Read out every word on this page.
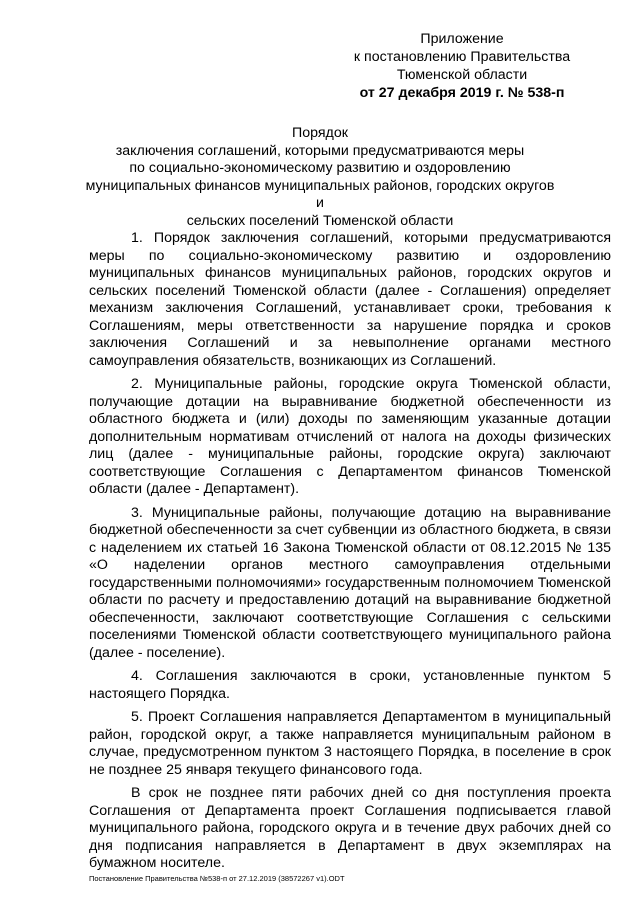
Приложение
к постановлению Правительства
Тюменской области
от 27 декабря 2019 г. № 538-п
Порядок
заключения соглашений, которыми предусматриваются меры
по социально-экономическому развитию и оздоровлению
муниципальных финансов муниципальных районов, городских округов и
сельских поселений Тюменской области

1. Порядок заключения соглашений, которыми предусматриваются меры по социально-экономическому развитию и оздоровлению муниципальных финансов муниципальных районов, городских округов и сельских поселений Тюменской области (далее - Соглашения) определяет механизм заключения Соглашений, устанавливает сроки, требования к Соглашениям, меры ответственности за нарушение порядка и сроков заключения Соглашений и за невыполнение органами местного самоуправления обязательств, возникающих из Соглашений.

2. Муниципальные районы, городские округа Тюменской области, получающие дотации на выравнивание бюджетной обеспеченности из областного бюджета и (или) доходы по заменяющим указанные дотации дополнительным нормативам отчислений от налога на доходы физических лиц (далее - муниципальные районы, городские округа) заключают соответствующие Соглашения с Департаментом финансов Тюменской области (далее - Департамент).

3. Муниципальные районы, получающие дотацию на выравнивание бюджетной обеспеченности за счет субвенции из областного бюджета, в связи с наделением их статьей 16 Закона Тюменской области от 08.12.2015 № 135 «О наделении органов местного самоуправления отдельными государственными полномочиями» государственным полномочием Тюменской области по расчету и предоставлению дотаций на выравнивание бюджетной обеспеченности, заключают соответствующие Соглашения с сельскими поселениями Тюменской области соответствующего муниципального района (далее - поселение).

4. Соглашения заключаются в сроки, установленные пунктом 5 настоящего Порядка.

5. Проект Соглашения направляется Департаментом в муниципальный район, городской округ, а также направляется муниципальным районом в случае, предусмотренном пунктом 3 настоящего Порядка, в поселение в срок не позднее 25 января текущего финансового года.

В срок не позднее пяти рабочих дней со дня поступления проекта Соглашения от Департамента проект Соглашения подписывается главой муниципального района, городского округа и в течение двух рабочих дней со дня подписания направляется в Департамент в двух экземплярах на бумажном носителе.

Постановление Правительства №538-п от 27.12.2019 (38572267 v1).ODT
